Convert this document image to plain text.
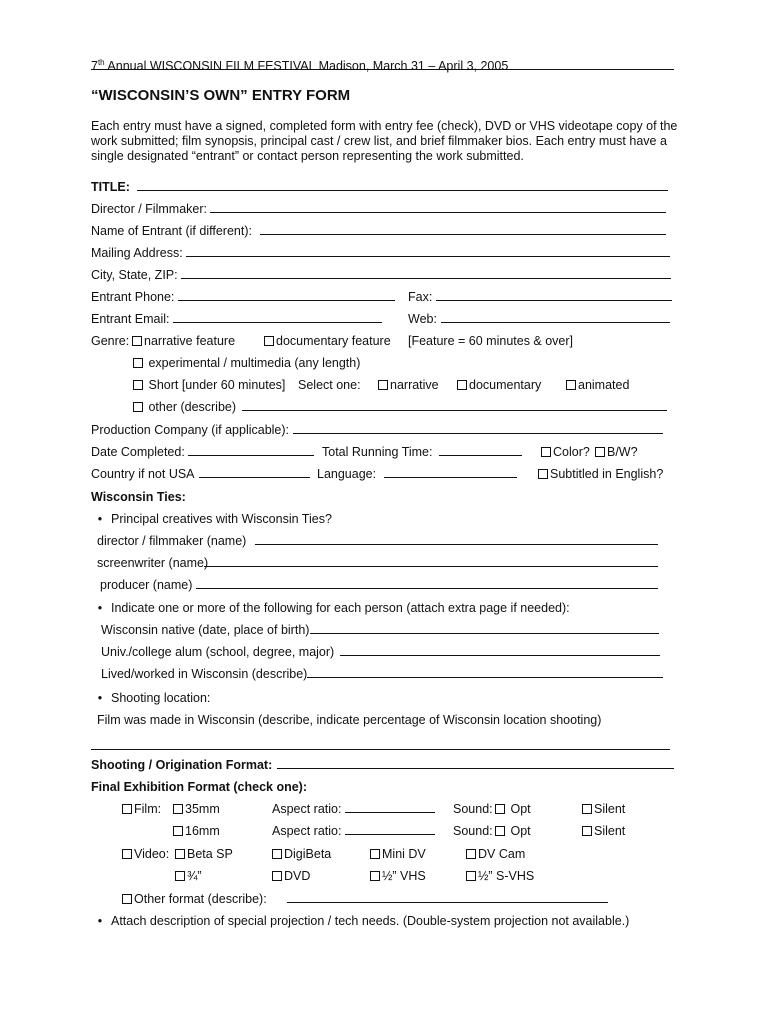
7th Annual WISCONSIN FILM FESTIVAL Madison, March 31 – April 3, 2005
“WISCONSIN’S OWN” ENTRY FORM
Each entry must have a signed, completed form with entry fee (check), DVD or VHS videotape copy of the work submitted; film synopsis, principal cast / crew list, and brief filmmaker bios. Each entry must have a single designated “entrant” or contact person representing the work submitted.
TITLE:
Director / Filmmaker:
Name of Entrant (if different):
Mailing Address:
City, State, ZIP:
Entrant Phone:	Fax:
Entrant Email:	Web:
Genre:	narrative feature	documentary feature [Feature = 60 minutes & over]
experimental / multimedia (any length)
Short [under 60 minutes] Select one:	narrative	documentary	animated
other (describe)
Production Company (if applicable):
Date Completed:	Total Running Time:	Color?	B/W?
Country if not USA	Language:	Subtitled in English?
Wisconsin Ties:
• Principal creatives with Wisconsin Ties?
director / filmmaker (name)
screenwriter (name)
producer (name)
• Indicate one or more of the following for each person (attach extra page if needed):
Wisconsin native (date, place of birth)
Univ./college alum (school, degree, major)
Lived/worked in Wisconsin (describe)
• Shooting location:
Film was made in Wisconsin (describe, indicate percentage of Wisconsin location shooting)
Shooting / Origination Format:
Final Exhibition Format (check one):
Film:	35mm	Aspect ratio:	Sound:	Opt	Silent
16mm	Aspect ratio:	Sound:	Opt	Silent
Video:	Beta SP	DigiBeta	Mini DV	DV Cam
¾”	DVD	½” VHS	½” S-VHS
Other format (describe):
• Attach description of special projection / tech needs. (Double-system projection not available.)
